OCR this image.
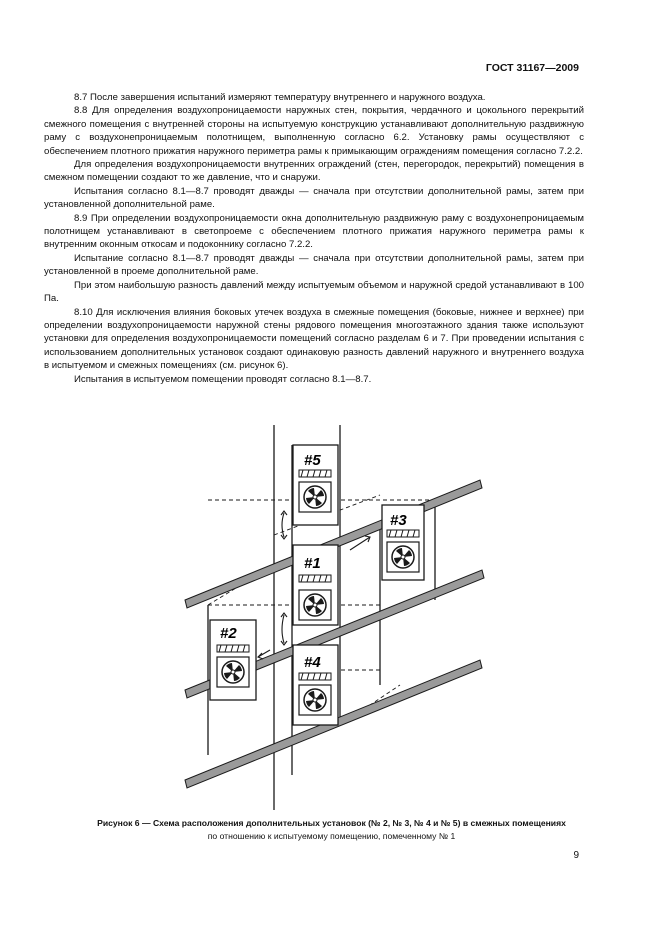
ГОСТ 31167—2009

8.7 После завершения испытаний измеряют температуру внутреннего и наружного воздуха.

8.8 Для определения воздухопроницаемости наружных стен, покрытия, чердачного и цокольного перекрытий смежного помещения с внутренней стороны на испытуемую конструкцию устанавливают дополнительную раздвижную раму с воздухонепроницаемым полотнищем, выполненную согласно 6.2. Установку рамы осуществляют с обеспечением плотного прижатия наружного периметра рамы к примыкающим ограждениям помещения согласно 7.2.2.

Для определения воздухопроницаемости внутренних ограждений (стен, перегородок, перекрытий) помещения в смежном помещении создают то же давление, что и снаружи.

Испытания согласно 8.1—8.7 проводят дважды — сначала при отсутствии дополнительной рамы, затем при установленной дополнительной раме.

8.9 При определении воздухопроницаемости окна дополнительную раздвижную раму с воздухонепроницаемым полотнищем устанавливают в светопроеме с обеспечением плотного прижатия наружного периметра рамы к внутренним оконным откосам и подоконнику согласно 7.2.2.

Испытание согласно 8.1—8.7 проводят дважды — сначала при отсутствии дополнительной рамы, затем при установленной в проеме дополнительной раме.

При этом наибольшую разность давлений между испытуемым объемом и наружной средой устанавливают в 100 Па.

8.10 Для исключения влияния боковых утечек воздуха в смежные помещения (боковые, нижнее и верхнее) при определении воздухопроницаемости наружной стены рядового помещения многоэтажного здания также используют установки для определения воздухопроницаемости помещений согласно разделам 6 и 7. При проведении испытания с использованием дополнительных установок создают одинаковую разность давлений наружного и внутреннего воздуха в испытуемом и смежных помещениях (см. рисунок 6).

Испытания в испытуемом помещении проводят согласно 8.1—8.7.

#5
#3
#1
#2
#4
Рисунок 6 — Схема расположения дополнительных установок (№ 2, № 3, № 4 и № 5) в смежных помещениях
по отношению к испытуемому помещению, помеченному № 1
9
